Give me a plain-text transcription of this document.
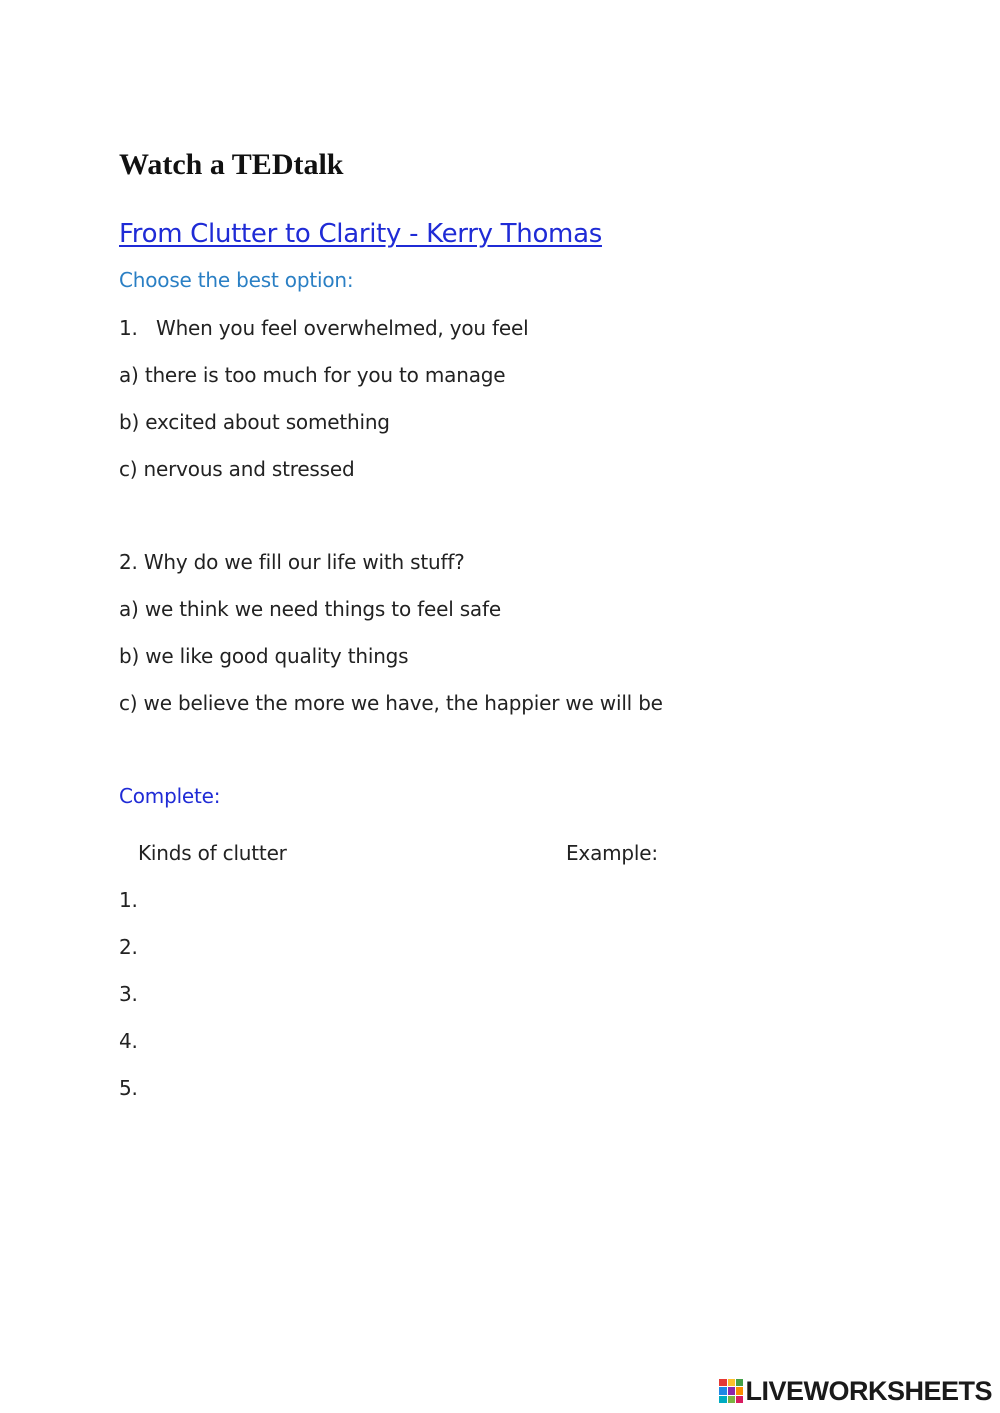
Watch a TEDtalk
From Clutter to Clarity - Kerry Thomas
Choose the best option:
1. When you feel overwhelmed, you feel
a) there is too much for you to manage
b) excited about something
c) nervous and stressed
2. Why do we fill our life with stuff?
a) we think we need things to feel safe
b) we like good quality things
c) we believe the more we have, the happier we will be
Complete:
Kinds of clutter	Example:
1.
2.
3.
4.
5.
LIVEWORKSHEETS
